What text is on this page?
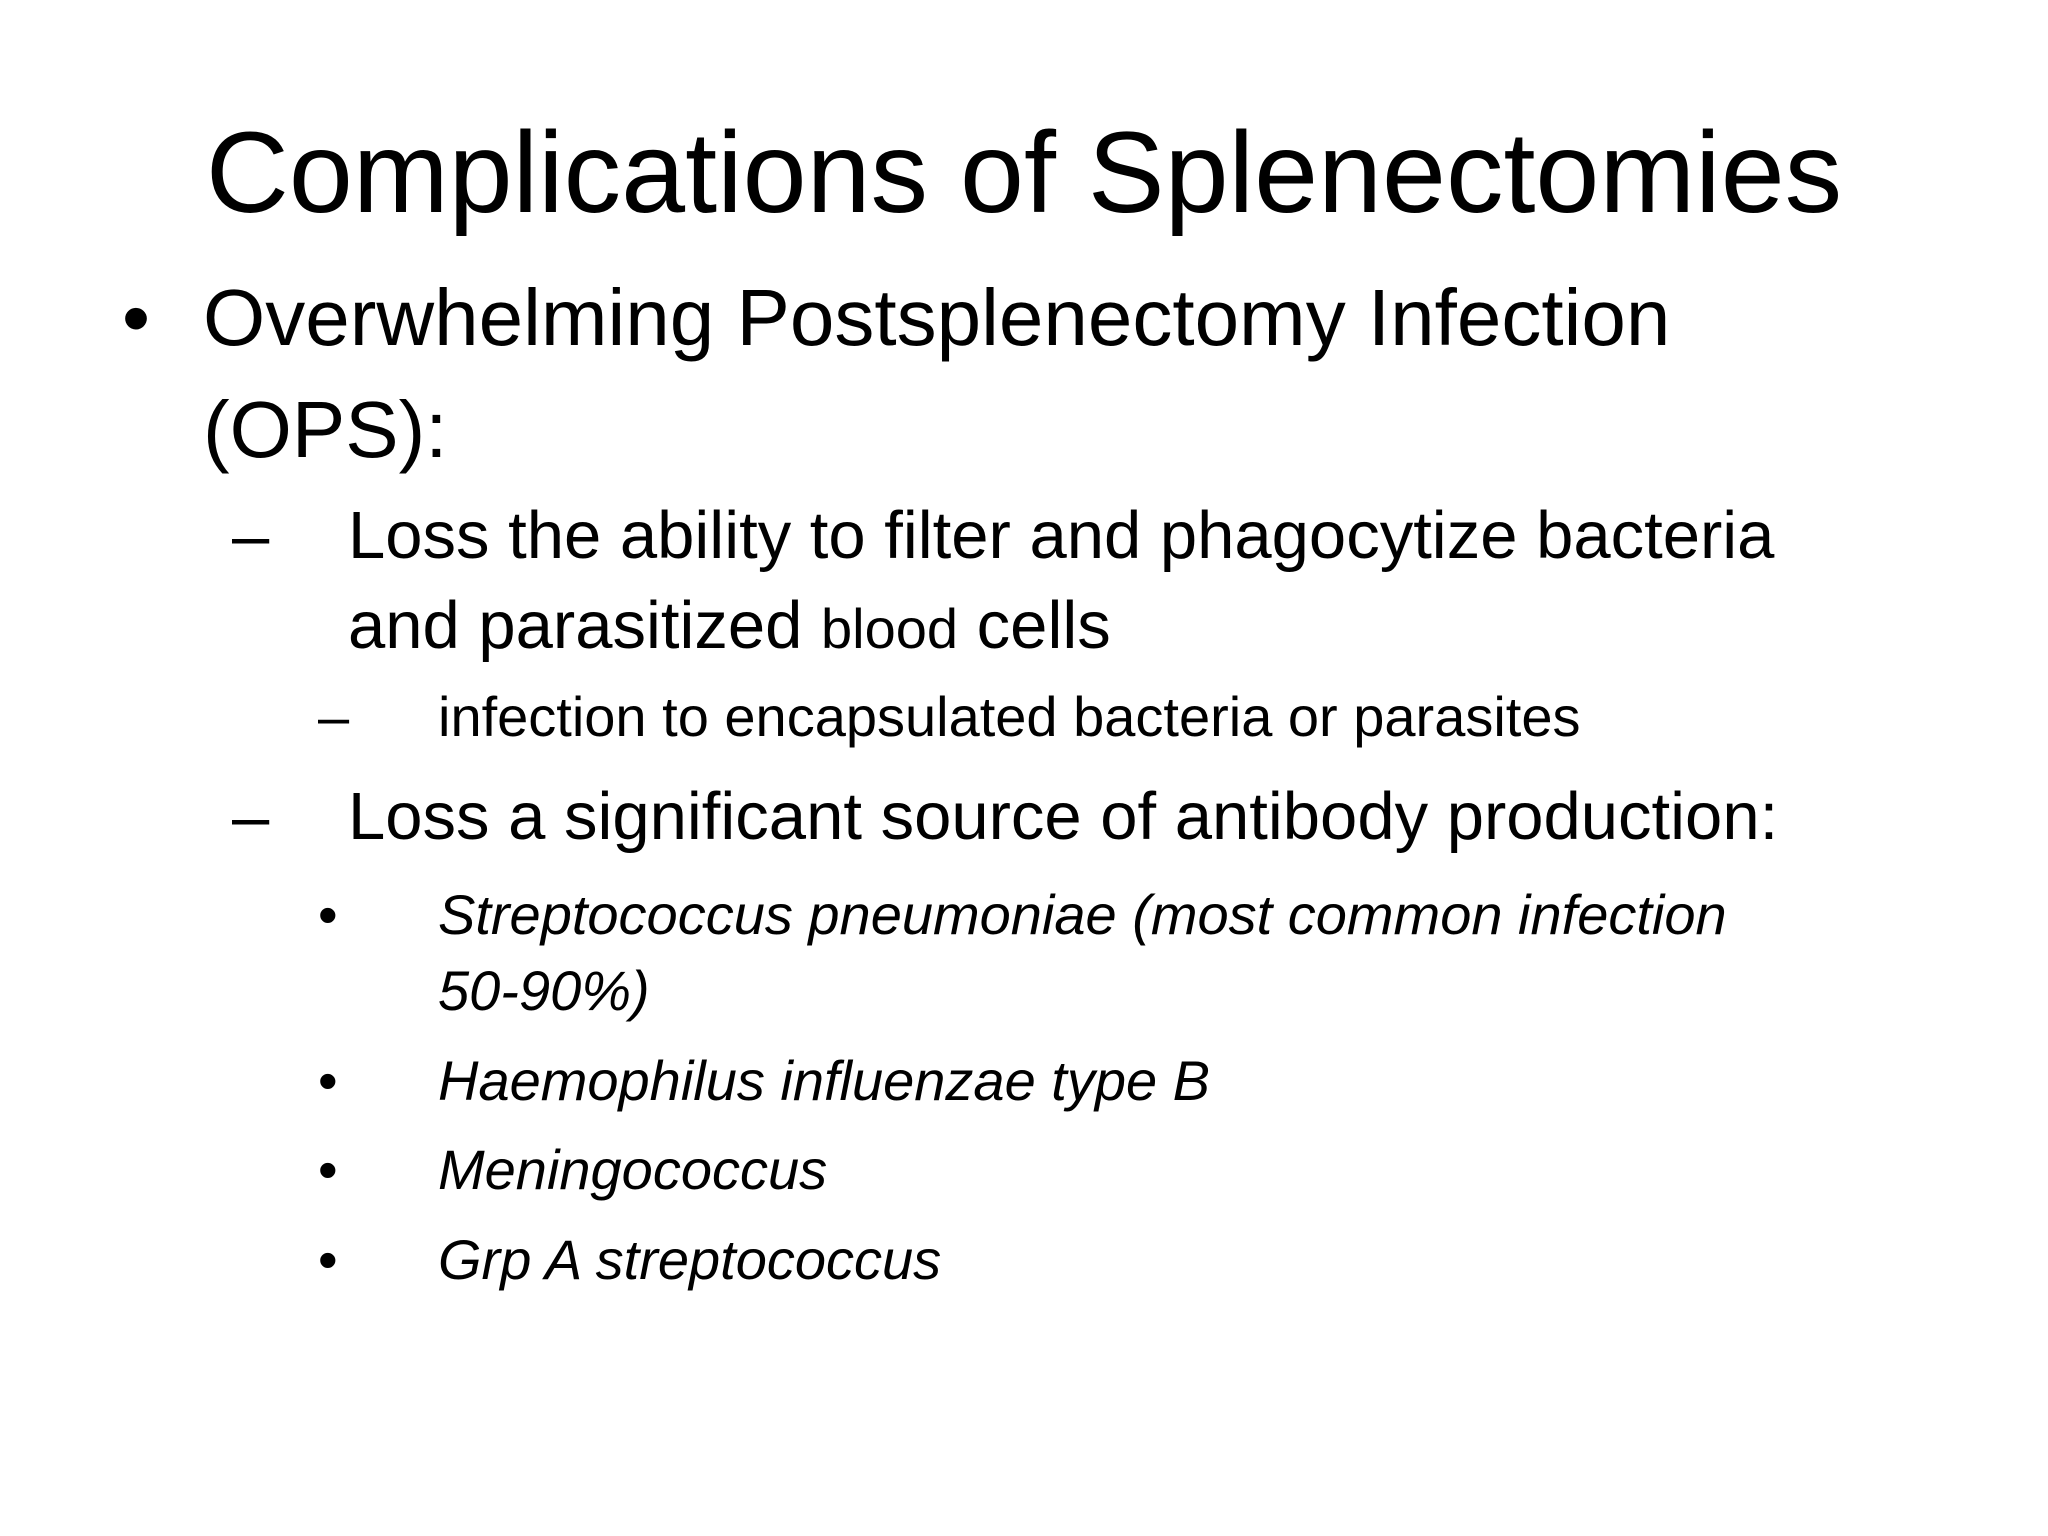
Complications of Splenectomies
• Overwhelming Postsplenectomy Infection
(OPS):
– Loss the ability to filter and phagocytize bacteria
and parasitized blood cells
– infection to encapsulated bacteria or parasites
– Loss a significant source of antibody production:
• Streptococcus pneumoniae (most common infection
50-90%)
• Haemophilus influenzae type B
• Meningococcus
• Grp A streptococcus
